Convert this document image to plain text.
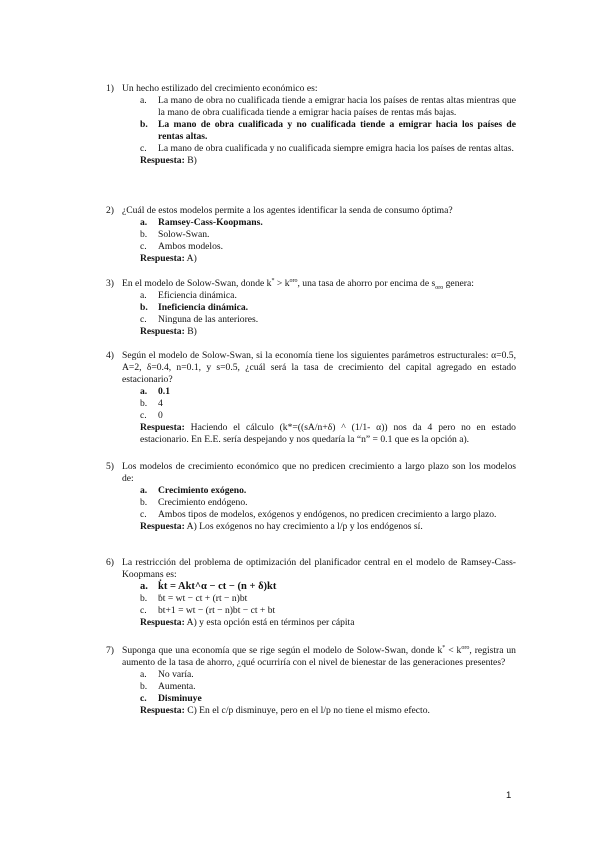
1) Un hecho estilizado del crecimiento económico es:
a. La mano de obra no cualificada tiende a emigrar hacia los países de rentas altas mientras que la mano de obra cualificada tiende a emigrar hacia países de rentas más bajas.
b. La mano de obra cualificada y no cualificada tiende a emigrar hacia los países de rentas altas.
c. La mano de obra cualificada y no cualificada siempre emigra hacia los países de rentas altas.
Respuesta: B)
2) ¿Cuál de estos modelos permite a los agentes identificar la senda de consumo óptima?
a. Ramsey-Cass-Koopmans.
b. Solow-Swan.
c. Ambos modelos.
Respuesta: A)
3) En el modelo de Solow-Swan, donde $k^* > k^{oro}$, una tasa de ahorro por encima de $s_{oro}$ genera:
a. Eficiencia dinámica.
b. Ineficiencia dinámica.
c. Ninguna de las anteriores.
Respuesta: B)
4) Según el modelo de Solow-Swan, si la economía tiene los siguientes parámetros estructurales: α=0.5, A=2, δ=0.4, n=0.1, y s=0.5, ¿cuál será la tasa de crecimiento del capital agregado en estado estacionario?
a. 0.1
b. 4
c. 0
Respuesta: Haciendo el cálculo (k*=((sA/n+δ) ^ (1/1- α)) nos da 4 pero no en estado estacionario. En E.E. sería despejando y nos quedaría la “n” = 0.1 que es la opción a).
5) Los modelos de crecimiento económico que no predicen crecimiento a largo plazo son los modelos de:
a. Crecimiento exógeno.
b. Crecimiento endógeno.
c. Ambos tipos de modelos, exógenos y endógenos, no predicen crecimiento a largo plazo.
Respuesta: A) Los exógenos no hay crecimiento a l/p y los endógenos sí.
6) La restricción del problema de optimización del planificador central en el modelo de Ramsey-Cass-Koopmans es:
a. k̇t = Akt^α − ct − (n + δ)kt
b. ḃt = wt − ct + (rt − n)bt
c. bt+1 = wt − (rt − n)bt − ct + bt
Respuesta: A) y esta opción está en términos per cápita
7) Suponga que una economía que se rige según el modelo de Solow-Swan, donde $k^* < k^{oro}$, registra un aumento de la tasa de ahorro, ¿qué ocurriría con el nivel de bienestar de las generaciones presentes?
a. No varía.
b. Aumenta.
c. Disminuye
Respuesta: C) En el c/p disminuye, pero en el l/p no tiene el mismo efecto.
1
